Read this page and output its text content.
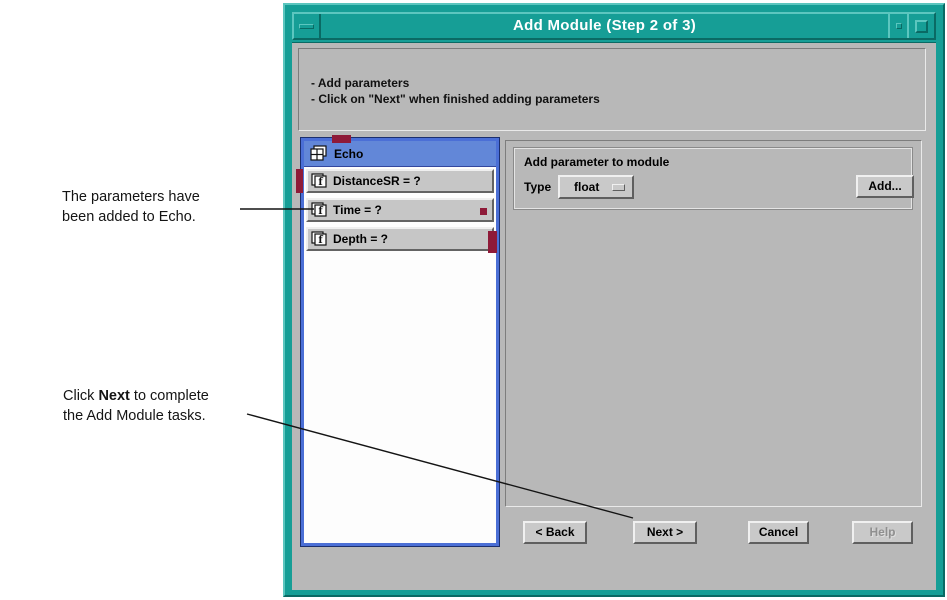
The parameters have
been added to Echo.
Click Next to complete
the Add Module tasks.
Add Module (Step 2 of 3)
- Add parameters
- Click on "Next" when finished adding parameters
Echo
f DistanceSR = ?
f Time = ?
f Depth = ?
Add parameter to module
Type float	Add...
< Back	Next >	Cancel	Help
